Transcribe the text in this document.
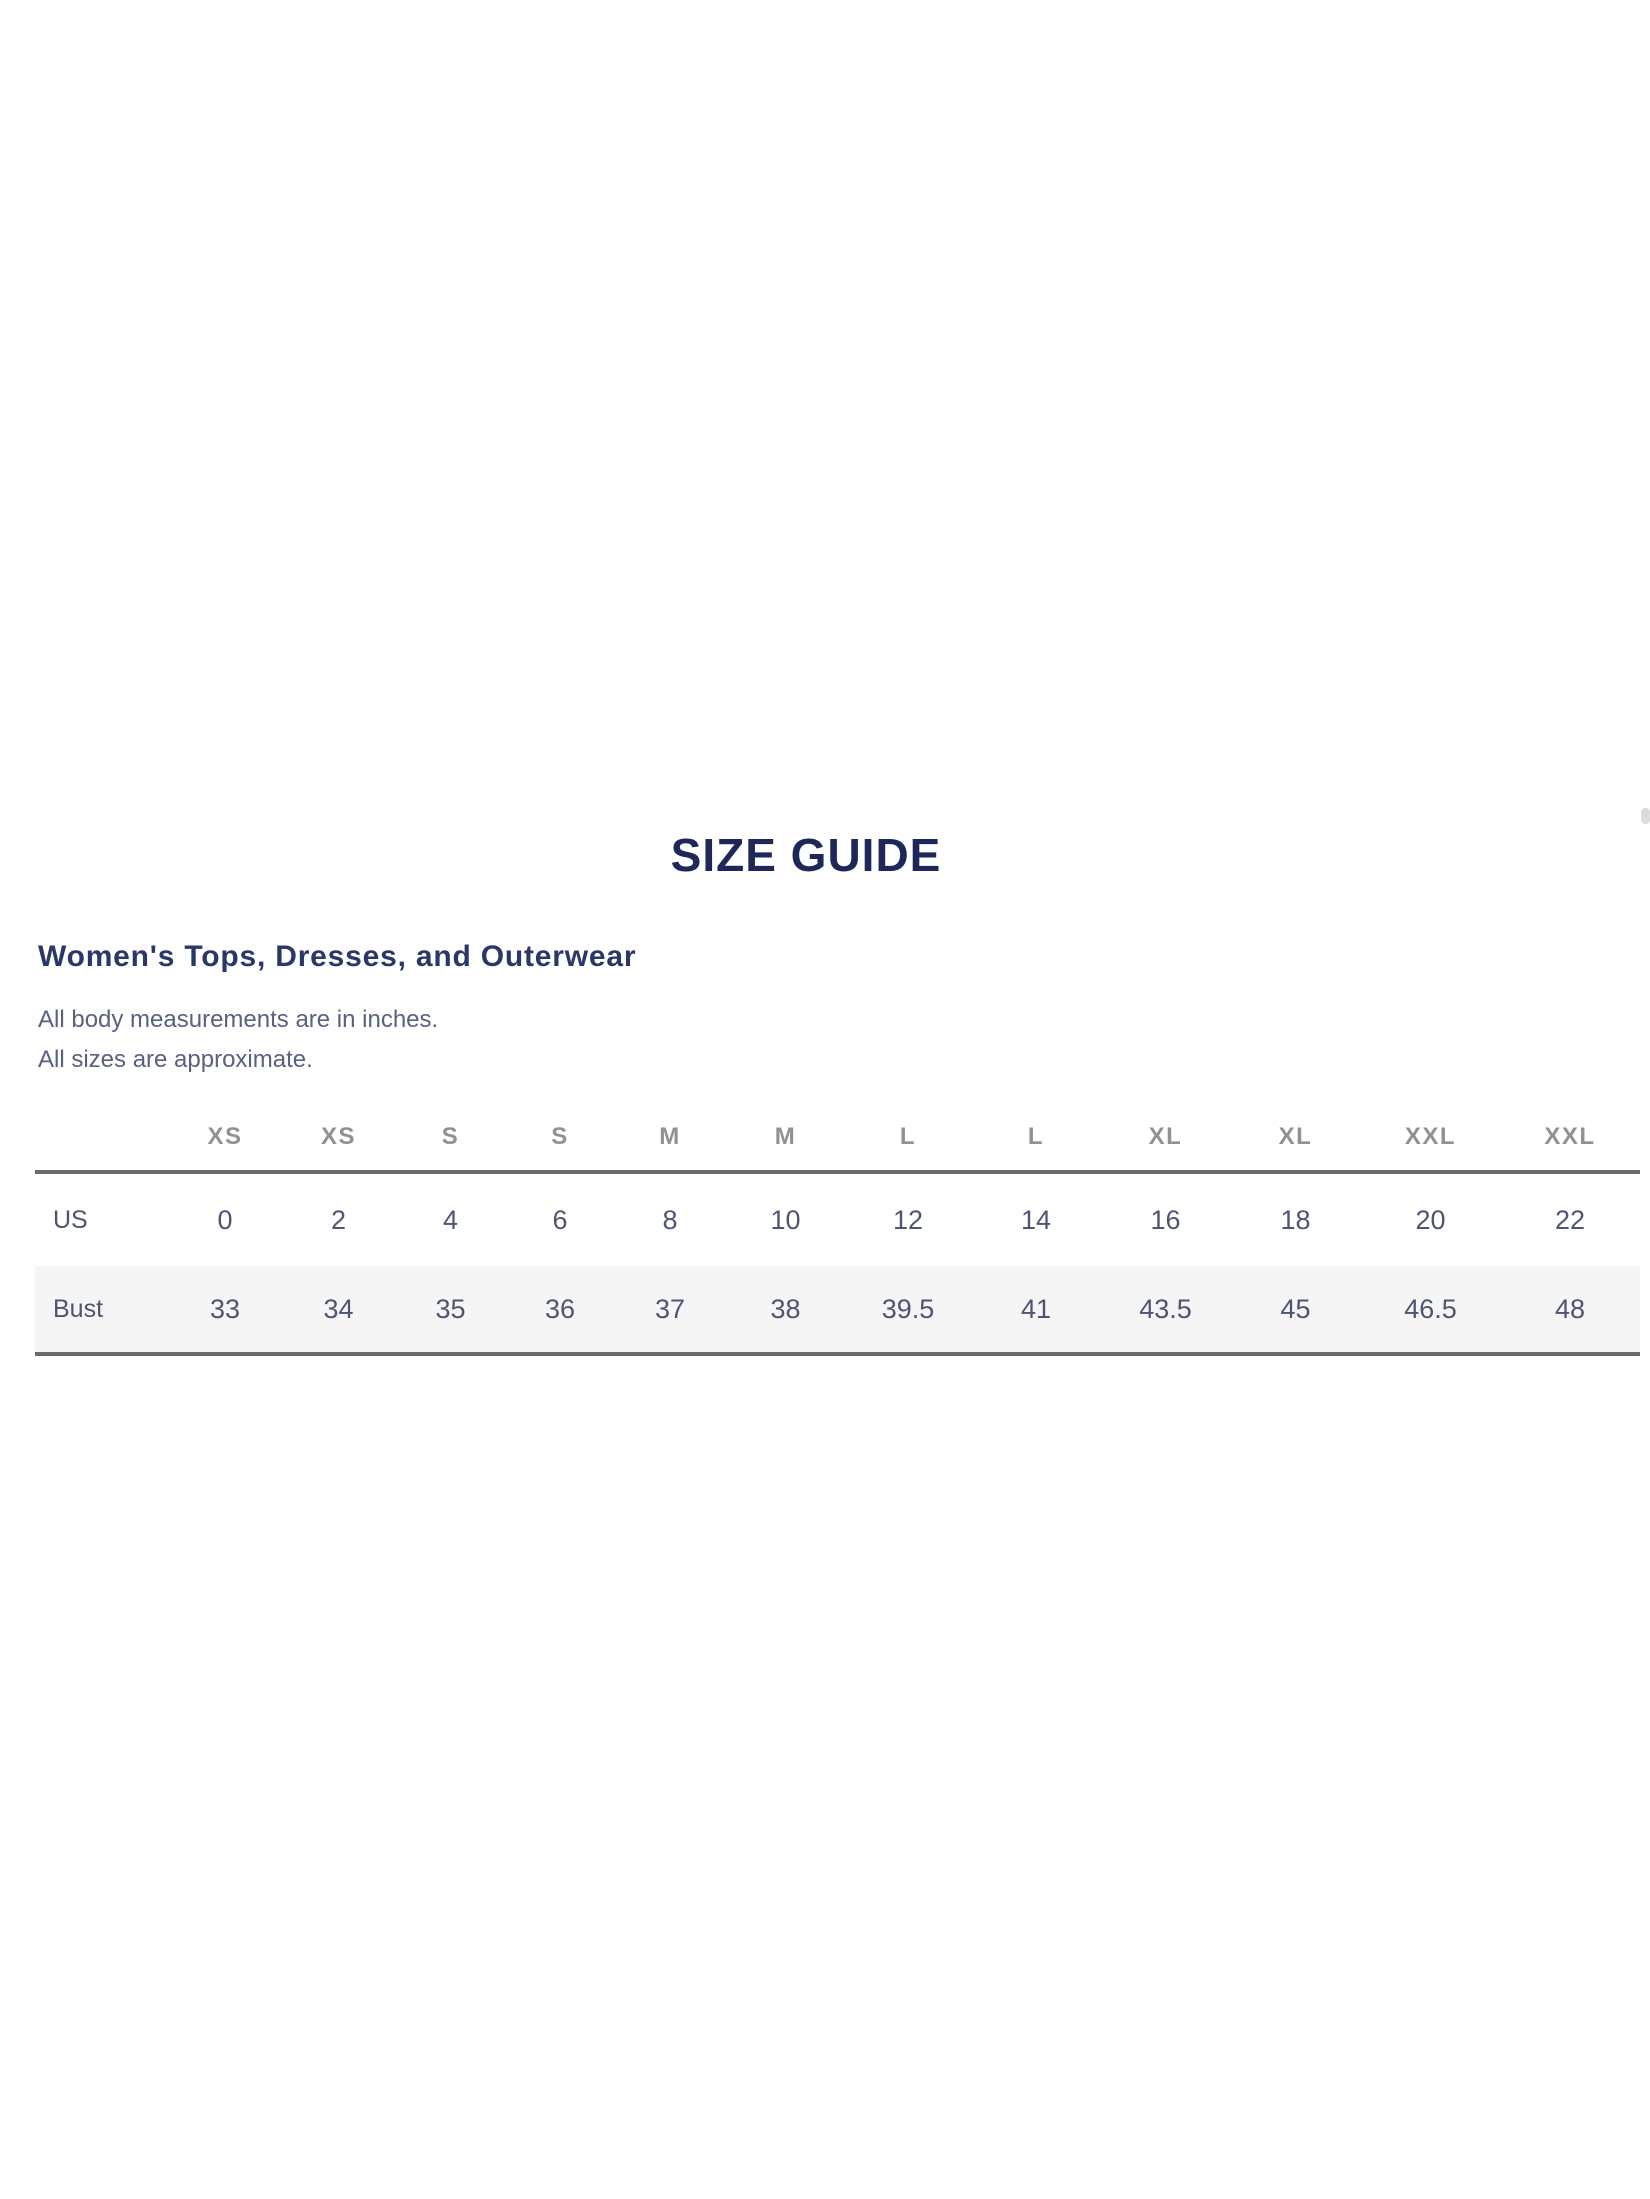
SIZE GUIDE
Women's Tops, Dresses, and Outerwear

All body measurements are in inches.

All sizes are approximate.

	XS	XS	S	S	M	M	L	L	XL	XL	XXL	XXL
US	0	2	4	6	8	10	12	14	16	18	20	22
Bust	33	34	35	36	37	38	39.5	41	43.5	45	46.5	48
